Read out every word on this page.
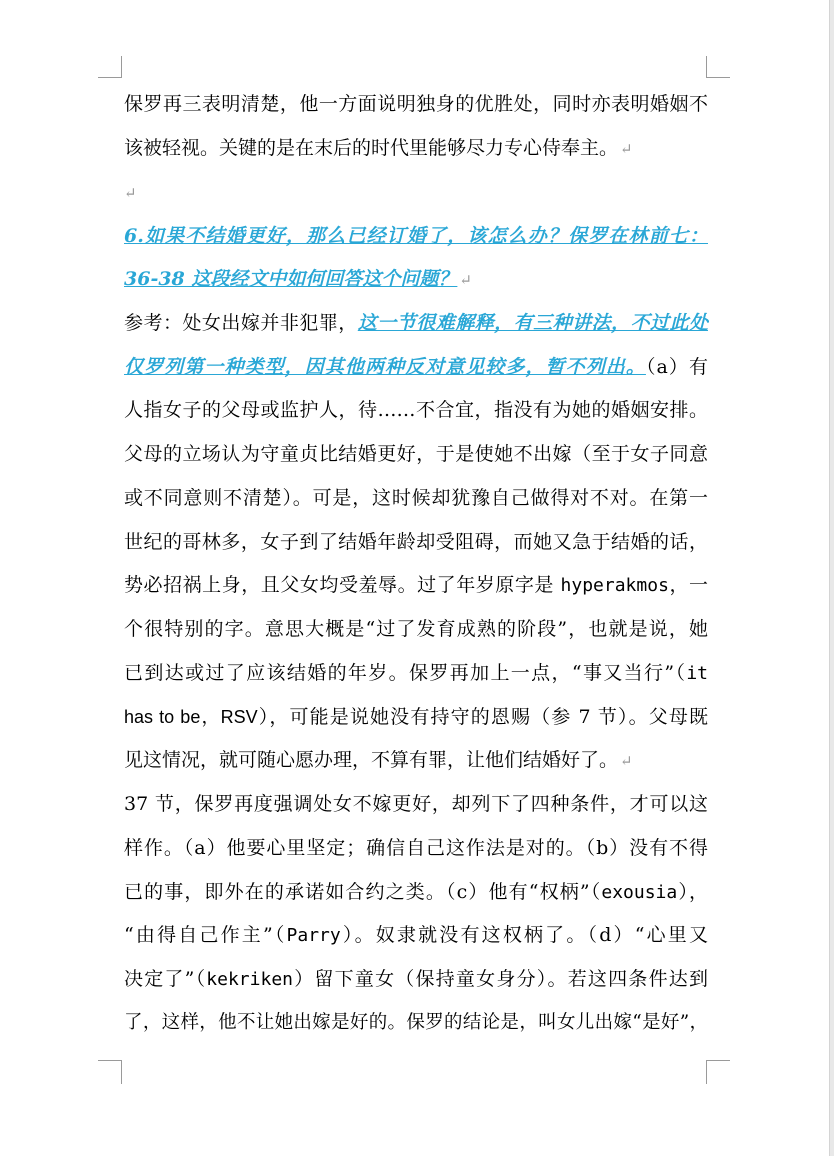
保罗再三表明清楚，他一方面说明独身的优胜处，同时亦表明婚姻不
该被轻视。关键的是在末后的时代里能够尽力专心侍奉主。 ↵
↵
6.如果不结婚更好，那么已经订婚了，该怎么办？保罗在林前七：
36-38 这段经文中如何回答这个问题？ ↵
参考：处女出嫁并非犯罪，这一节很难解释，有三种讲法，不过此处
仅罗列第一种类型，因其他两种反对意见较多，暂不列出。（a）有
人指女子的父母或监护人，待……不合宜，指没有为她的婚姻安排。
父母的立场认为守童贞比结婚更好，于是使她不出嫁（至于女子同意
或不同意则不清楚）。可是，这时候却犹豫自己做得对不对。在第一
世纪的哥林多，女子到了结婚年龄却受阻碍，而她又急于结婚的话，
势必招祸上身，且父女均受羞辱。过了年岁原字是 hyperakmos，一
个很特别的字。意思大概是“过了发育成熟的阶段”，也就是说，她
已到达或过了应该结婚的年岁。保罗再加上一点，“事又当行”（it
has to be，RSV），可能是说她没有持守的恩赐（参 7 节）。父母既
见这情况，就可随心愿办理，不算有罪，让他们结婚好了。 ↵
37 节，保罗再度强调处女不嫁更好，却列下了四种条件，才可以这
样作。（a）他要心里坚定；确信自己这作法是对的。（b）没有不得
已的事，即外在的承诺如合约之类。（c）他有“权柄”（exousia），
“由得自己作主”（Parry）。奴隶就没有这权柄了。（d）“心里又
决定了”（kekriken）留下童女（保持童女身分）。若这四条件达到
了，这样，他不让她出嫁是好的。保罗的结论是，叫女儿出嫁“是好”，
